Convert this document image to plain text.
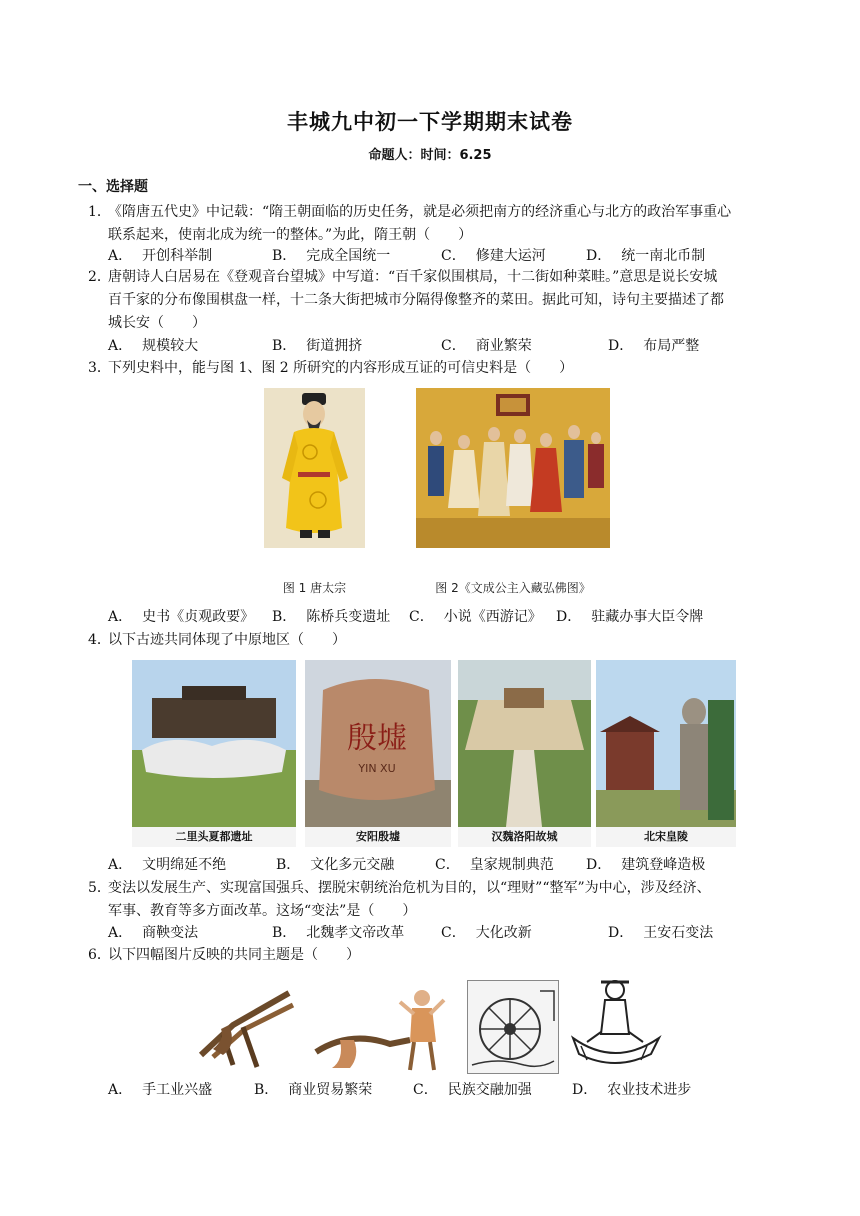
丰城九中初一下学期期末试卷
命题人：时间：6.25
一、选择题
1．《隋唐五代史》中记载：“隋王朝面临的历史任务，就是必须把南方的经济重心与北方的政治军事重心
联系起来，使南北成为统一的整体。”为此，隋王朝（　　）
A． 开创科举制	B． 完成全国统一	C． 修建大运河	D． 统一南北币制
2．唐朝诗人白居易在《登观音台望城》中写道：“百千家似围棋局，十二街如种菜畦。”意思是说长安城
百千家的分布像围棋盘一样，十二条大街把城市分隔得像整齐的菜田。据此可知，诗句主要描述了都
城长安（　　）
A． 规模较大	B． 街道拥挤	C． 商业繁荣	D． 布局严整
3．下列史料中，能与图 1、图 2 所研究的内容形成互证的可信史料是（　　）
图 1 唐太宗	图 2《文成公主入藏弘佛图》
A． 史书《贞观政要》 B． 陈桥兵变遗址 C． 小说《西游记》 D． 驻藏办事大臣令牌
4．以下古迹共同体现了中原地区（　　）
二里头夏都遗址
殷墟
YIN XU
安阳殷墟	汉魏洛阳故城	北宋皇陵
A． 文明绵延不绝	B． 文化多元交融	C． 皇家规制典范 D． 建筑登峰造极
5．变法以发展生产、实现富国强兵、摆脱宋朝统治危机为目的，以“理财”“整军”为中心，涉及经济、
军事、教育等多方面改革。这场“变法”是（　　）
A． 商鞅变法	B． 北魏孝文帝改革	C． 大化改新	D． 王安石变法
6．以下四幅图片反映的共同主题是（　　）
A． 手工业兴盛	B． 商业贸易繁荣	C． 民族交融加强	D． 农业技术进步
